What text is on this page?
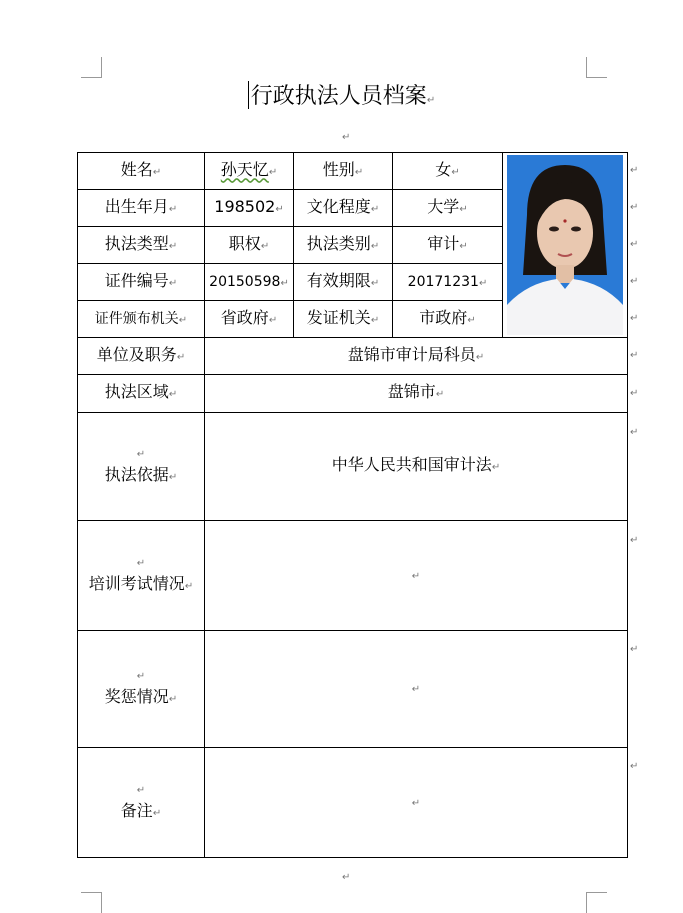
行政执法人员档案↵
↵
姓名↵	孙天忆↵	性别↵	女↵	

出生年月↵	198502↵	文化程度↵	大学↵	
执法类型↵	职权↵	执法类别↵	审计↵	
证件编号↵	20150598↵	有效期限↵	20171231↵	
证件颁布机关↵	省政府↵	发证机关↵	市政府↵	
单位及职务↵	盘锦市审计局科员↵			
执法区域↵	盘锦市↵			

↵
执法依据↵	中华人民共和国审计法↵			

↵
培训考试情况↵	↵			

↵
奖惩情况↵	↵			

↵
备注↵	↵			
↵
↵
↵
↵
↵
↵
↵
↵
↵
↵
↵
↵
